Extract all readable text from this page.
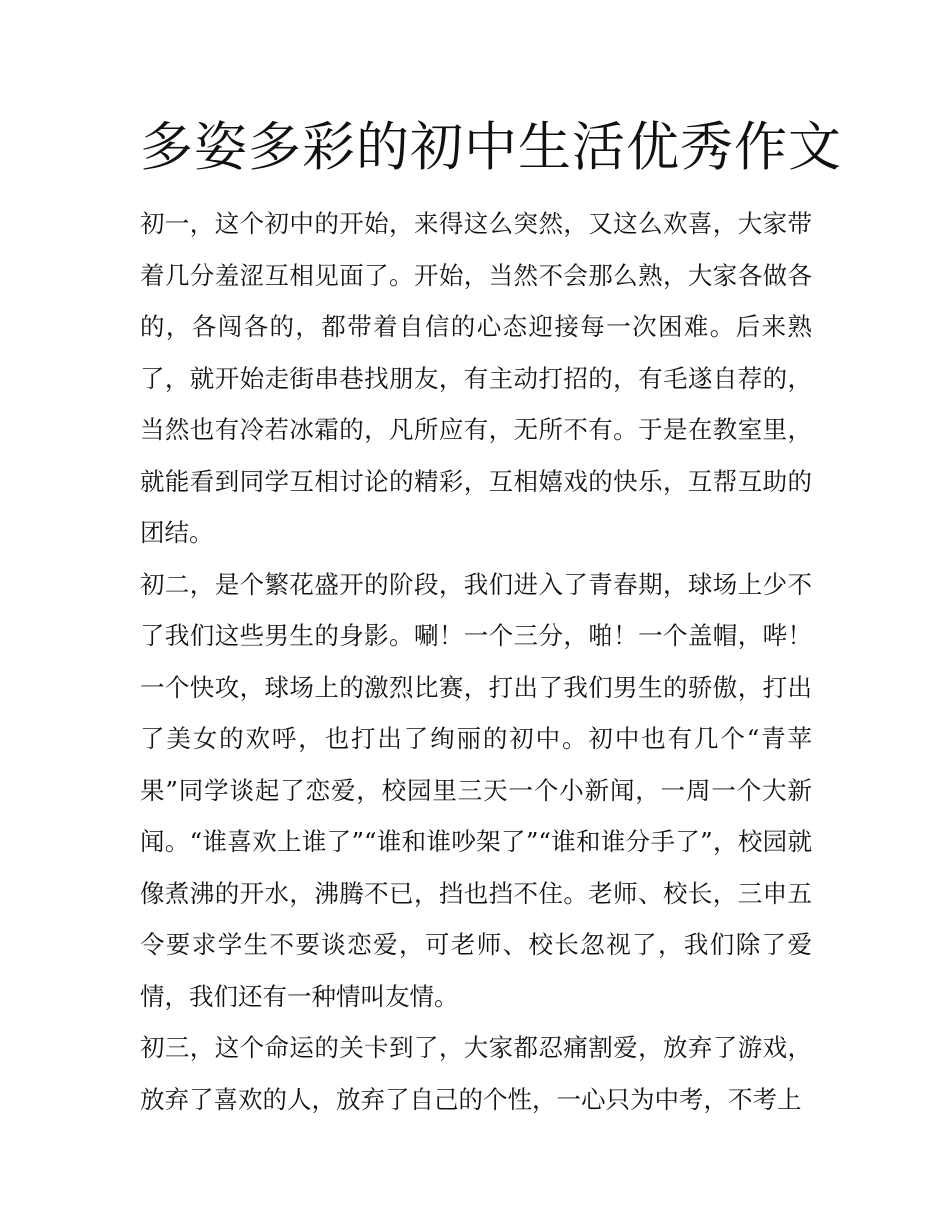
多姿多彩的初中生活优秀作文

初一，这个初中的开始，来得这么突然，又这么欢喜，大家带着几分羞涩互相见面了。开始，当然不会那么熟，大家各做各的，各闯各的，都带着自信的心态迎接每一次困难。后来熟了，就开始走街串巷找朋友，有主动打招的，有毛遂自荐的，当然也有冷若冰霜的，凡所应有，无所不有。于是在教室里，就能看到同学互相讨论的精彩，互相嬉戏的快乐，互帮互助的团结。

初二，是个繁花盛开的阶段，我们进入了青春期，球场上少不了我们这些男生的身影。唰！一个三分，啪！一个盖帽，哔！一个快攻，球场上的激烈比赛，打出了我们男生的骄傲，打出了美女的欢呼，也打出了绚丽的初中。初中也有几个“青苹果”同学谈起了恋爱，校园里三天一个小新闻，一周一个大新闻。“谁喜欢上谁了”“谁和谁吵架了”“谁和谁分手了”，校园就像煮沸的开水，沸腾不已，挡也挡不住。老师、校长，三申五令要求学生不要谈恋爱，可老师、校长忽视了，我们除了爱情，我们还有一种情叫友情。

初三，这个命运的关卡到了，大家都忍痛割爱，放弃了游戏，放弃了喜欢的人，放弃了自己的个性，一心只为中考，不考上
